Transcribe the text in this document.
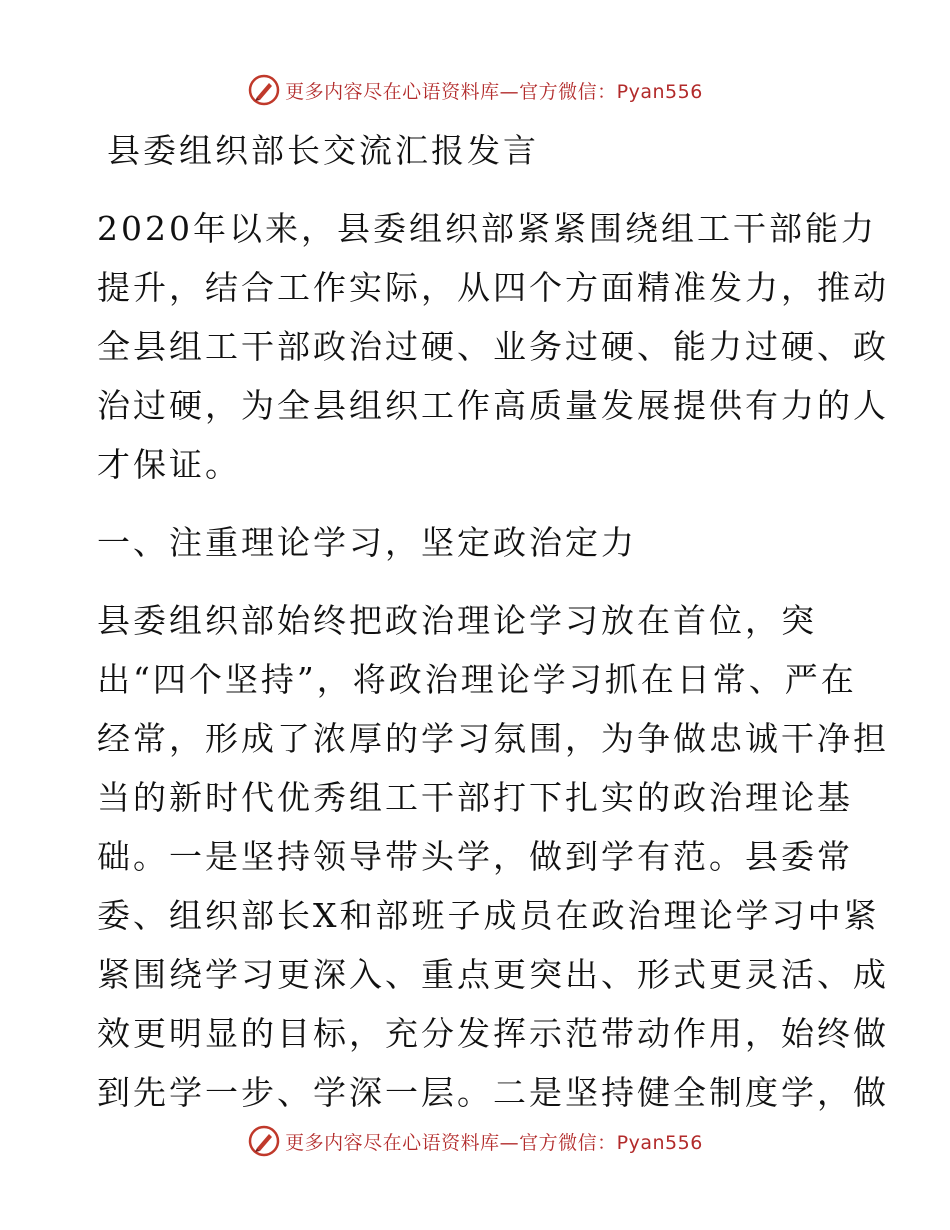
更多内容尽在心语资料库—官方微信：Pyan556
县委组织部长交流汇报发言
2020年以来，县委组织部紧紧围绕组工干部能力
提升，结合工作实际，从四个方面精准发力，推动
全县组工干部政治过硬、业务过硬、能力过硬、政
治过硬，为全县组织工作高质量发展提供有力的人
才保证。
一、注重理论学习，坚定政治定力
县委组织部始终把政治理论学习放在首位，突
出“四个坚持”，将政治理论学习抓在日常、严在
经常，形成了浓厚的学习氛围，为争做忠诚干净担
当的新时代优秀组工干部打下扎实的政治理论基
础。一是坚持领导带头学，做到学有范。县委常
委、组织部长X和部班子成员在政治理论学习中紧
紧围绕学习更深入、重点更突出、形式更灵活、成
效更明显的目标，充分发挥示范带动作用，始终做
到先学一步、学深一层。二是坚持健全制度学，做
更多内容尽在心语资料库—官方微信：Pyan556
